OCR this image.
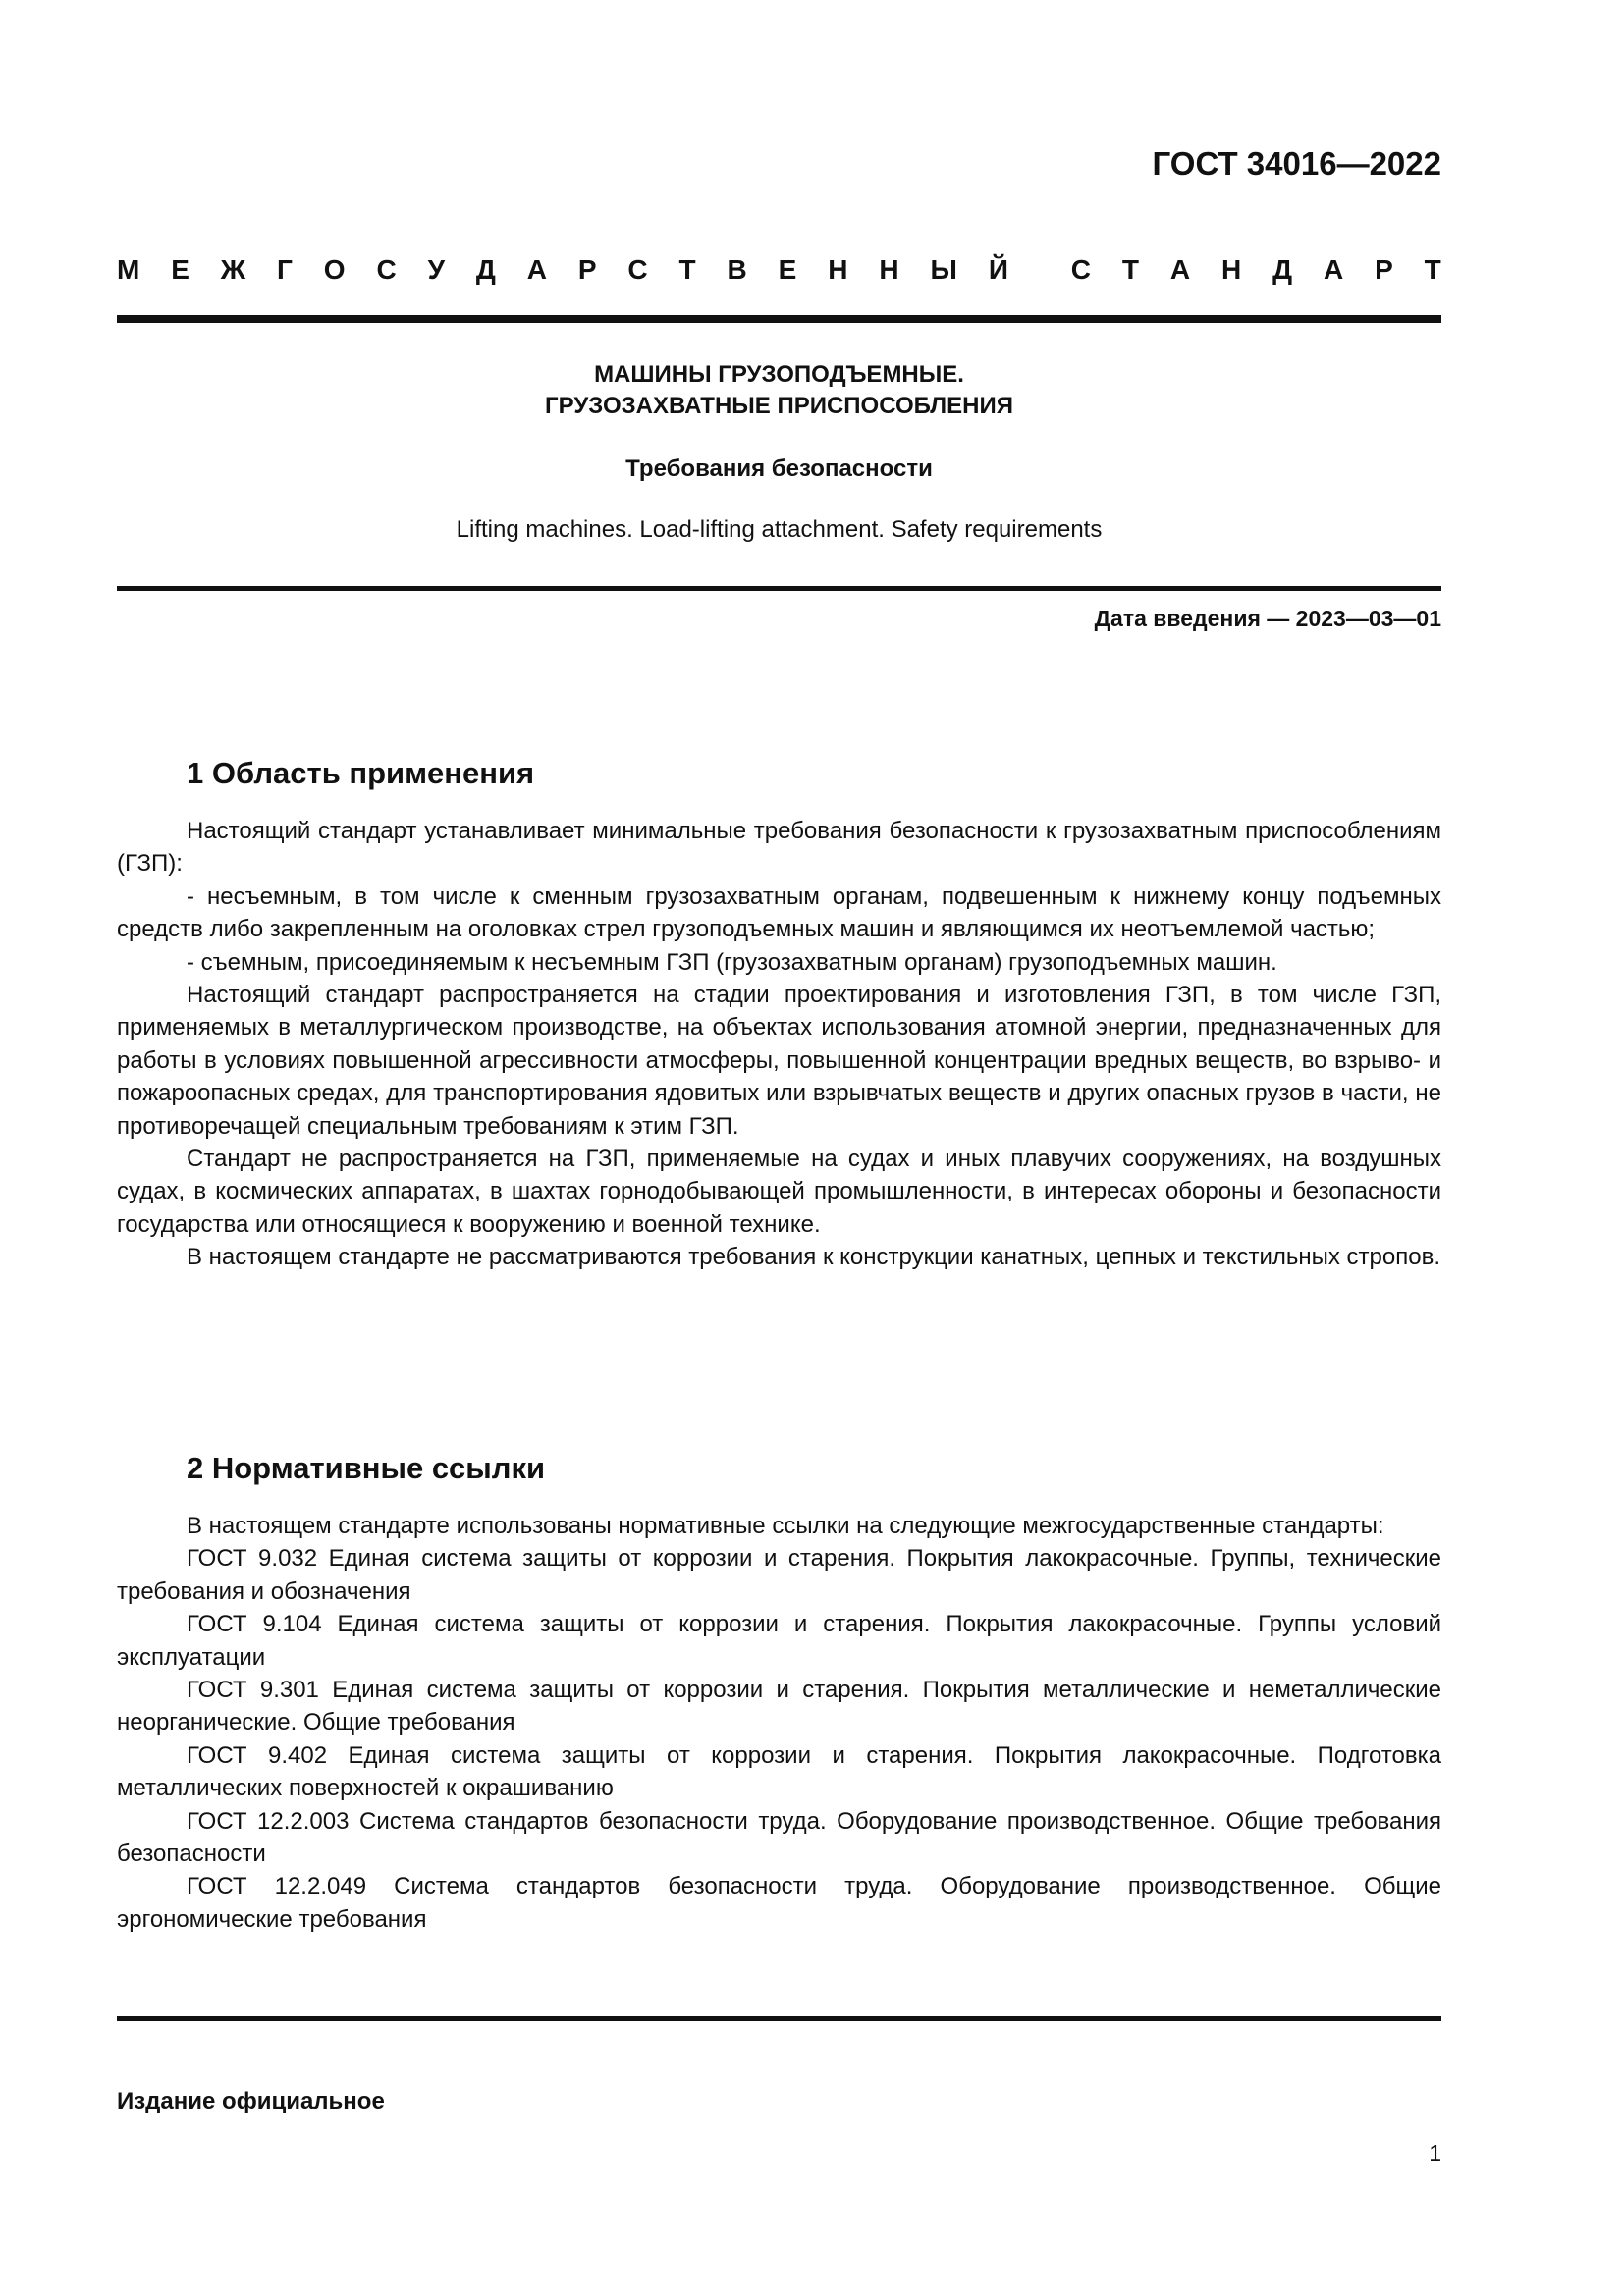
ГОСТ 34016—2022
М Е Ж Г О С У Д А Р С Т В Е Н Н Ы Й С Т А Н Д А Р Т
МАШИНЫ ГРУЗОПОДЪЕМНЫЕ.
ГРУЗОЗАХВАТНЫЕ ПРИСПОСОБЛЕНИЯ
Требования безопасности
Lifting machines. Load-lifting attachment. Safety requirements
Дата введения — 2023—03—01
1 Область применения

Настоящий стандарт устанавливает минимальные требования безопасности к грузозахватным приспособлениям (ГЗП):

- несъемным, в том числе к сменным грузозахватным органам, подвешенным к нижнему концу подъемных средств либо закрепленным на оголовках стрел грузоподъемных машин и являющимся их неотъемлемой частью;

- съемным, присоединяемым к несъемным ГЗП (грузозахватным органам) грузоподъемных машин.

Настоящий стандарт распространяется на стадии проектирования и изготовления ГЗП, в том числе ГЗП, применяемых в металлургическом производстве, на объектах использования атомной энергии, предназначенных для работы в условиях повышенной агрессивности атмосферы, повышенной концентрации вредных веществ, во взрыво- и пожароопасных средах, для транспортирования ядовитых или взрывчатых веществ и других опасных грузов в части, не противоречащей специальным требованиям к этим ГЗП.

Стандарт не распространяется на ГЗП, применяемые на судах и иных плавучих сооружениях, на воздушных судах, в космических аппаратах, в шахтах горнодобывающей промышленности, в интересах обороны и безопасности государства или относящиеся к вооружению и военной технике.

В настоящем стандарте не рассматриваются требования к конструкции канатных, цепных и текстильных стропов.

2 Нормативные ссылки

В настоящем стандарте использованы нормативные ссылки на следующие межгосударственные стандарты:

ГОСТ 9.032 Единая система защиты от коррозии и старения. Покрытия лакокрасочные. Группы, технические требования и обозначения

ГОСТ 9.104 Единая система защиты от коррозии и старения. Покрытия лакокрасочные. Группы условий эксплуатации

ГОСТ 9.301 Единая система защиты от коррозии и старения. Покрытия металлические и неметаллические неорганические. Общие требования

ГОСТ 9.402 Единая система защиты от коррозии и старения. Покрытия лакокрасочные. Подготовка металлических поверхностей к окрашиванию

ГОСТ 12.2.003 Система стандартов безопасности труда. Оборудование производственное. Общие требования безопасности

ГОСТ 12.2.049 Система стандартов безопасности труда. Оборудование производственное. Общие эргономические требования

Издание официальное
1
